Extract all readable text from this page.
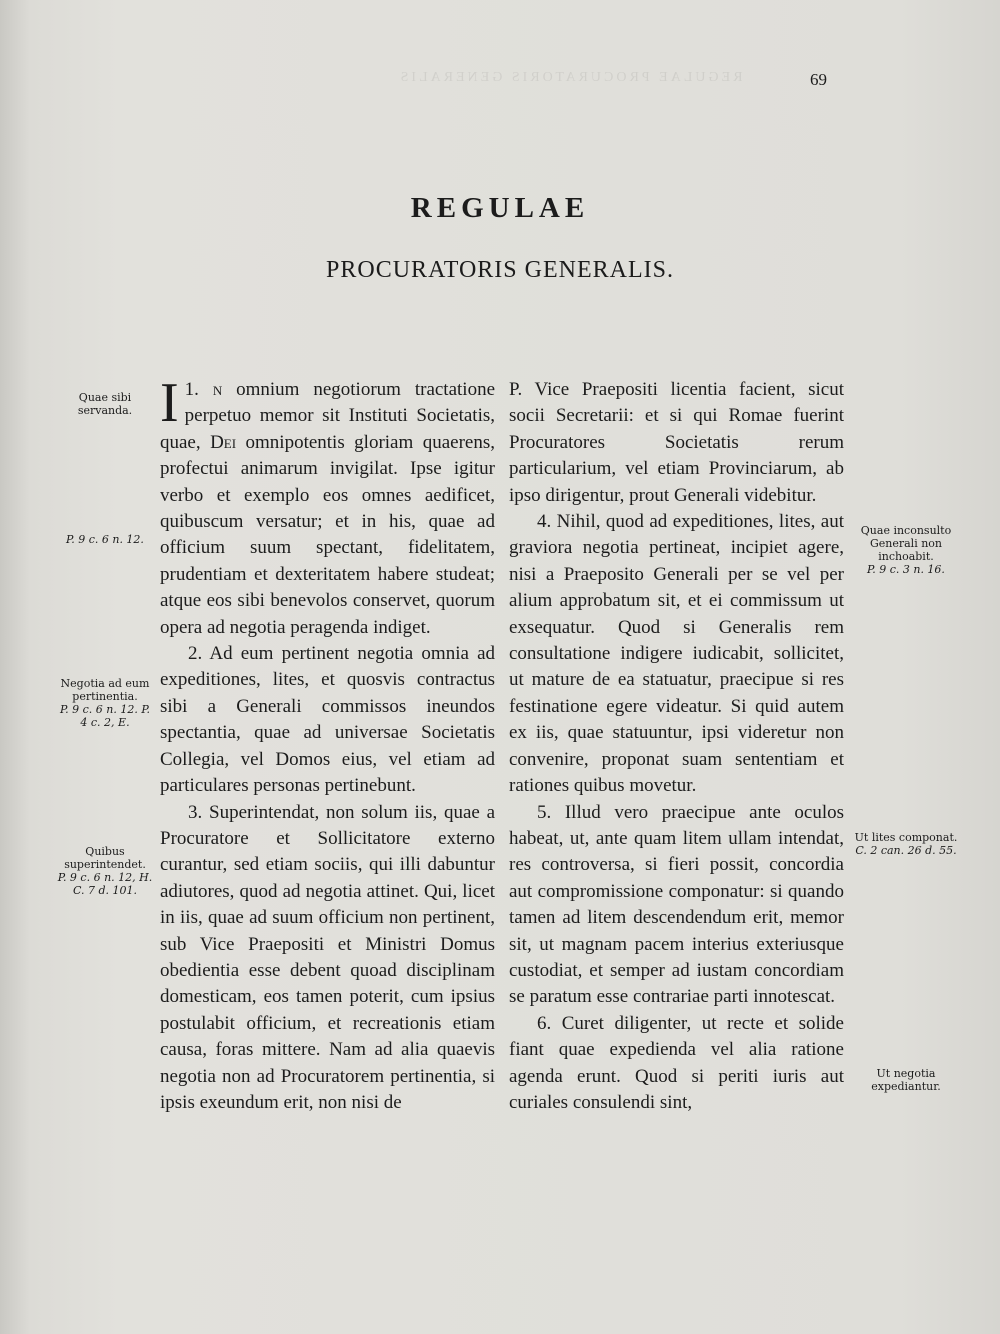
REGULAE PROCURATORIS GENERALIS	69
REGULAE
PROCURATORIS GENERALIS.
Quae sibi servanda.
P. 9 c. 6 n. 12.
Negotia ad eum pertinentia.
P. 9 c. 6 n. 12. P. 4 c. 2, E.
Quibus superintendet.
P. 9 c. 6 n. 12, H. C. 7 d. 101.
Quae inconsulto Generali non inchoabit.
P. 9 c. 3 n. 16.
Ut lites componat.
C. 2 can. 26 d. 55.
Ut negotia expediantur.

1.
I n omnium negotiorum tractatione perpetuo memor sit Instituti Societatis, quae, Dei omnipotentis gloriam quaerens, profectui animarum invigilat. Ipse igitur verbo et exemplo eos omnes aedificet, quibuscum versatur; et in his, quae ad officium suum spectant, fidelitatem, prudentiam et dexteritatem habere studeat; atque eos sibi benevolos conservet, quorum opera ad negotia peragenda indiget.

2. Ad eum pertinent negotia omnia ad expeditiones, lites, et quosvis contractus sibi a Generali commissos ineundos spectantia, quae ad universae Societatis Collegia, vel Domos eius, vel etiam ad particulares personas pertinebunt.

3. Superintendat, non solum iis, quae a Procuratore et Sollicitatore externo curantur, sed etiam sociis, qui illi dabuntur adiutores, quod ad negotia attinet. Qui, licet in iis, quae ad suum officium non pertinent, sub Vice Praepositi et Ministri Domus obedientia esse debent quoad disciplinam domesticam, eos tamen poterit, cum ipsius postulabit officium, et recreationis etiam causa, foras mittere. Nam ad alia quaevis negotia non ad Procuratorem pertinentia, si ipsis exeundum erit, non nisi de

P. Vice Praepositi licentia facient, sicut socii Secretarii: et si qui Romae fuerint Procuratores Societatis rerum particularium, vel etiam Provinciarum, ab ipso dirigentur, prout Generali videbitur.

4. Nihil, quod ad expeditiones, lites, aut graviora negotia pertineat, incipiet agere, nisi a Praeposito Generali per se vel per alium approbatum sit, et ei commissum ut exsequatur. Quod si Generalis rem consultatione indigere iudicabit, sollicitet, ut mature de ea statuatur, praecipue si res festinatione egere videatur. Si quid autem ex iis, quae statuuntur, ipsi videretur non convenire, proponat suam sententiam et rationes quibus movetur.

5. Illud vero praecipue ante oculos habeat, ut, ante quam litem ullam intendat, res controversa, si fieri possit, concordia aut compromissione componatur: si quando tamen ad litem descendendum erit, memor sit, ut magnam pacem interius exteriusque custodiat, et semper ad iustam concordiam se paratum esse contrariae parti innotescat.

6. Curet diligenter, ut recte et solide fiant quae expedienda vel alia ratione agenda erunt. Quod si periti iuris aut curiales consulendi sint,
